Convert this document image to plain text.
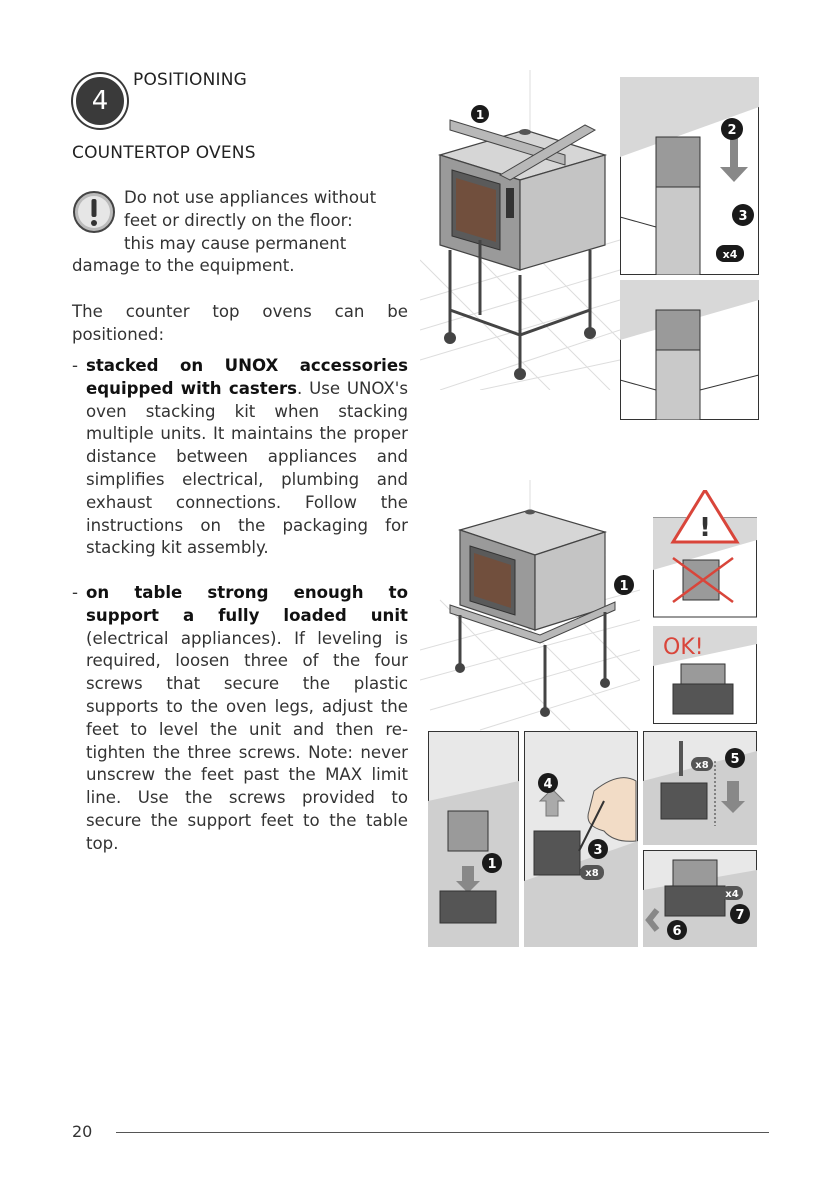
4
POSITIONING
COUNTERTOP OVENS
Do not use appliances without
feet or directly on the floor:
this may cause permanent
damage to the equipment.
The counter top ovens can be positioned:
- stacked on UNOX accessories equipped with casters. Use UNOX's oven stacking kit when stacking multiple units. It maintains the proper distance between appliances and simplifies electrical, plumbing and exhaust connections. Follow the instructions on the packaging for stacking kit assembly.
- on table strong enough to support a fully loaded unit (electrical appliances). If leveling is required, loosen three of the four screws that secure the plastic supports to the oven legs, adjust the feet to level the unit and then re-tighten the three screws. Note: never unscrew the feet past the MAX limit line. Use the screws provided to secure the support feet to the table top.
1
2
3
x4
1
!
OK!
1
4
3
x8
x8 5
x4
7
6
20
